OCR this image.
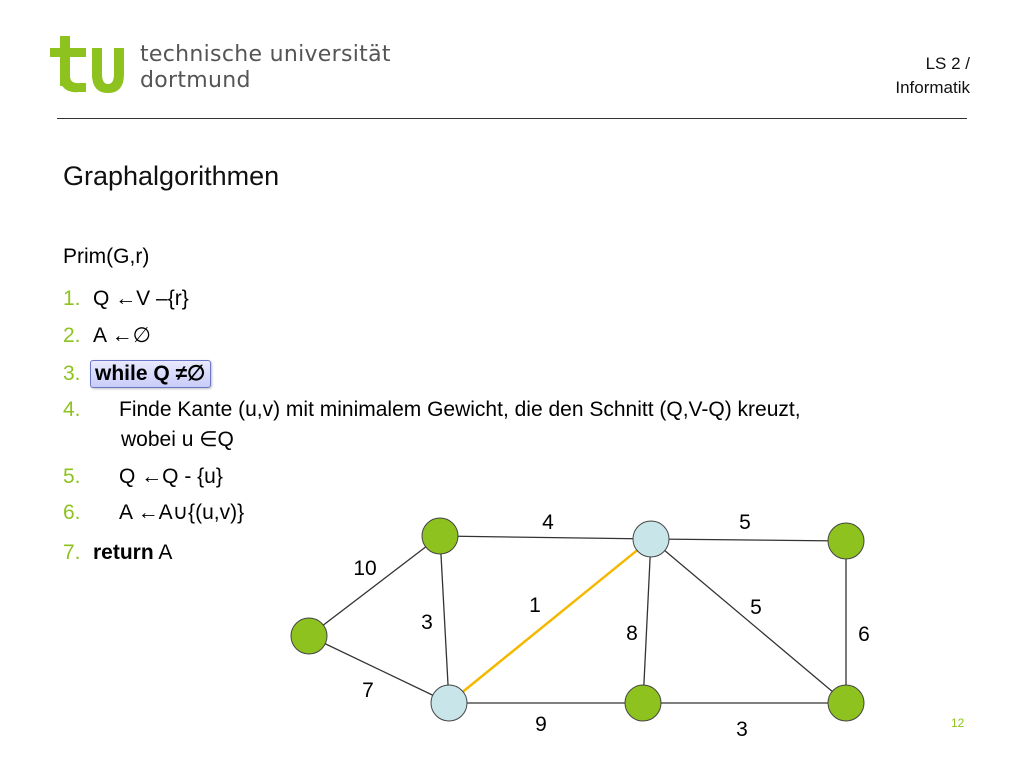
technische universität
dortmund
LS 2 /
Informatik
Graphalgorithmen
Prim(G,r)
1. Q ←V –{r}
2. A ←∅
3. while Q ≠∅
4. Finde Kante (u,v) mit minimalem Gewicht, die den Schnitt (Q,V-Q) kreuzt,
wobei u ∈Q
5. Q ←Q - {u}
6. A ←A∪{(u,v)}
7. return A
4	5
10
3
1
8
5
6
7
9	3	12
